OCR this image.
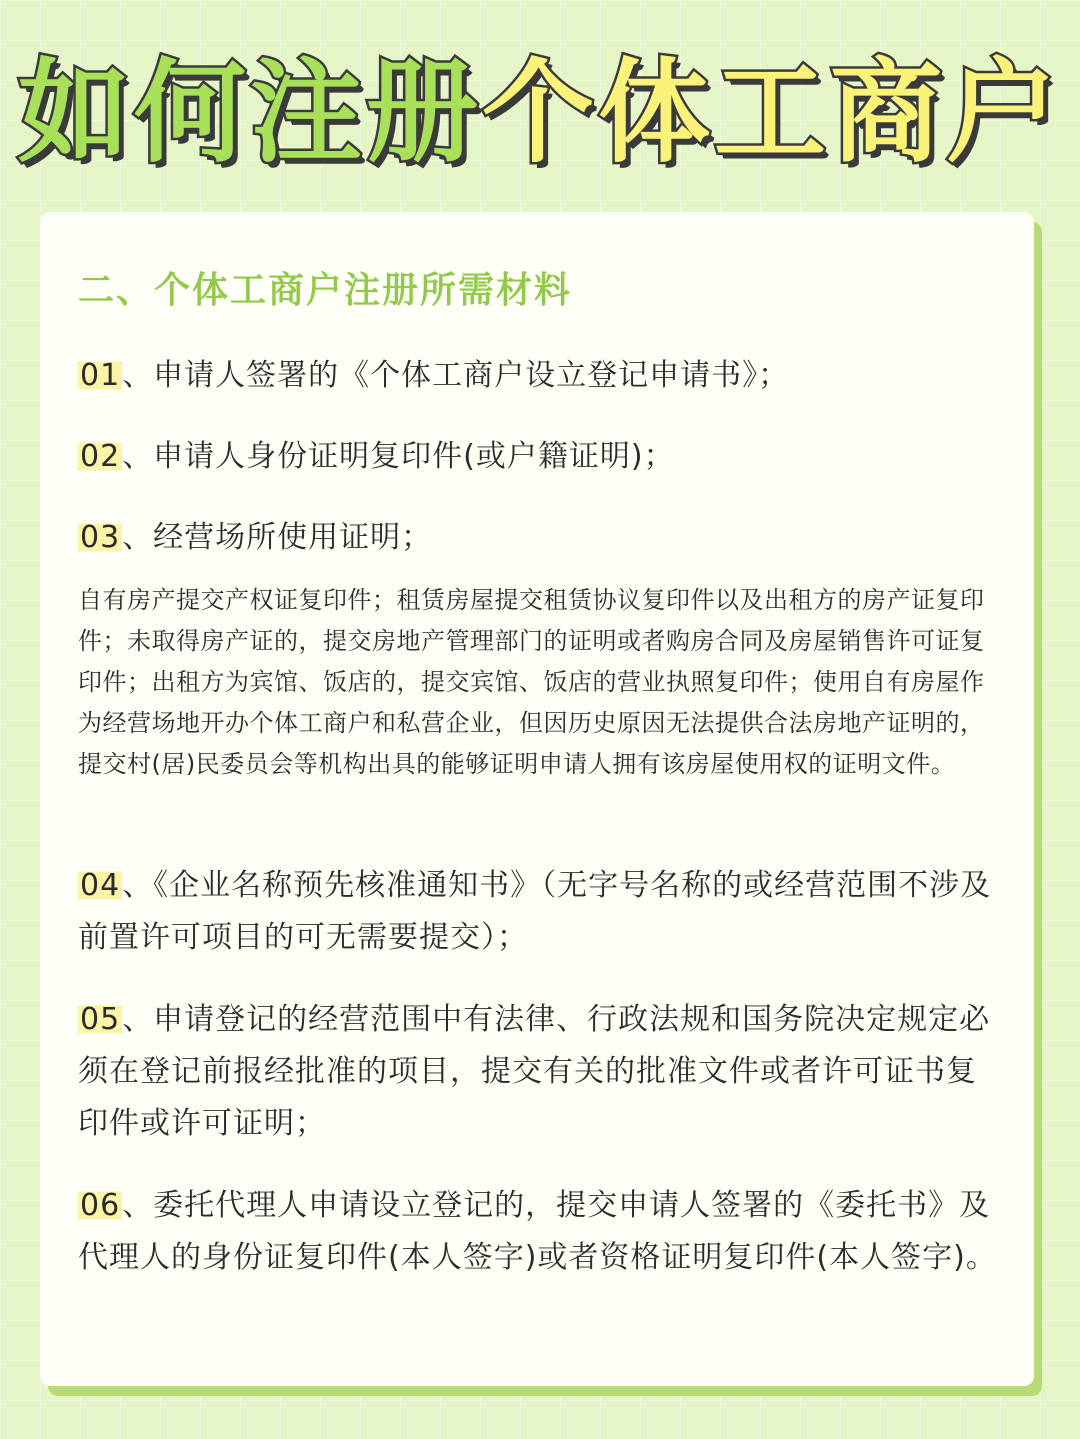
如何注册个体工商户
二、个体工商户注册所需材料
01、申请人签署的《个体工商户设立登记申请书》；
02、申请人身份证明复印件(或户籍证明)；
03、经营场所使用证明；
自有房产提交产权证复印件；租赁房屋提交租赁协议复印件以及出租方的房产证复印件；未取得房产证的，提交房地产管理部门的证明或者购房合同及房屋销售许可证复印件；出租方为宾馆、饭店的，提交宾馆、饭店的营业执照复印件；使用自有房屋作为经营场地开办个体工商户和私营企业，但因历史原因无法提供合法房地产证明的，提交村(居)民委员会等机构出具的能够证明申请人拥有该房屋使用权的证明文件。
04、《企业名称预先核准通知书》（无字号名称的或经营范围不涉及前置许可项目的可无需要提交）；
05、申请登记的经营范围中有法律、行政法规和国务院决定规定必须在登记前报经批准的项目，提交有关的批准文件或者许可证书复印件或许可证明；
06、委托代理人申请设立登记的，提交申请人签署的《委托书》及代理人的身份证复印件(本人签字)或者资格证明复印件(本人签字)。
